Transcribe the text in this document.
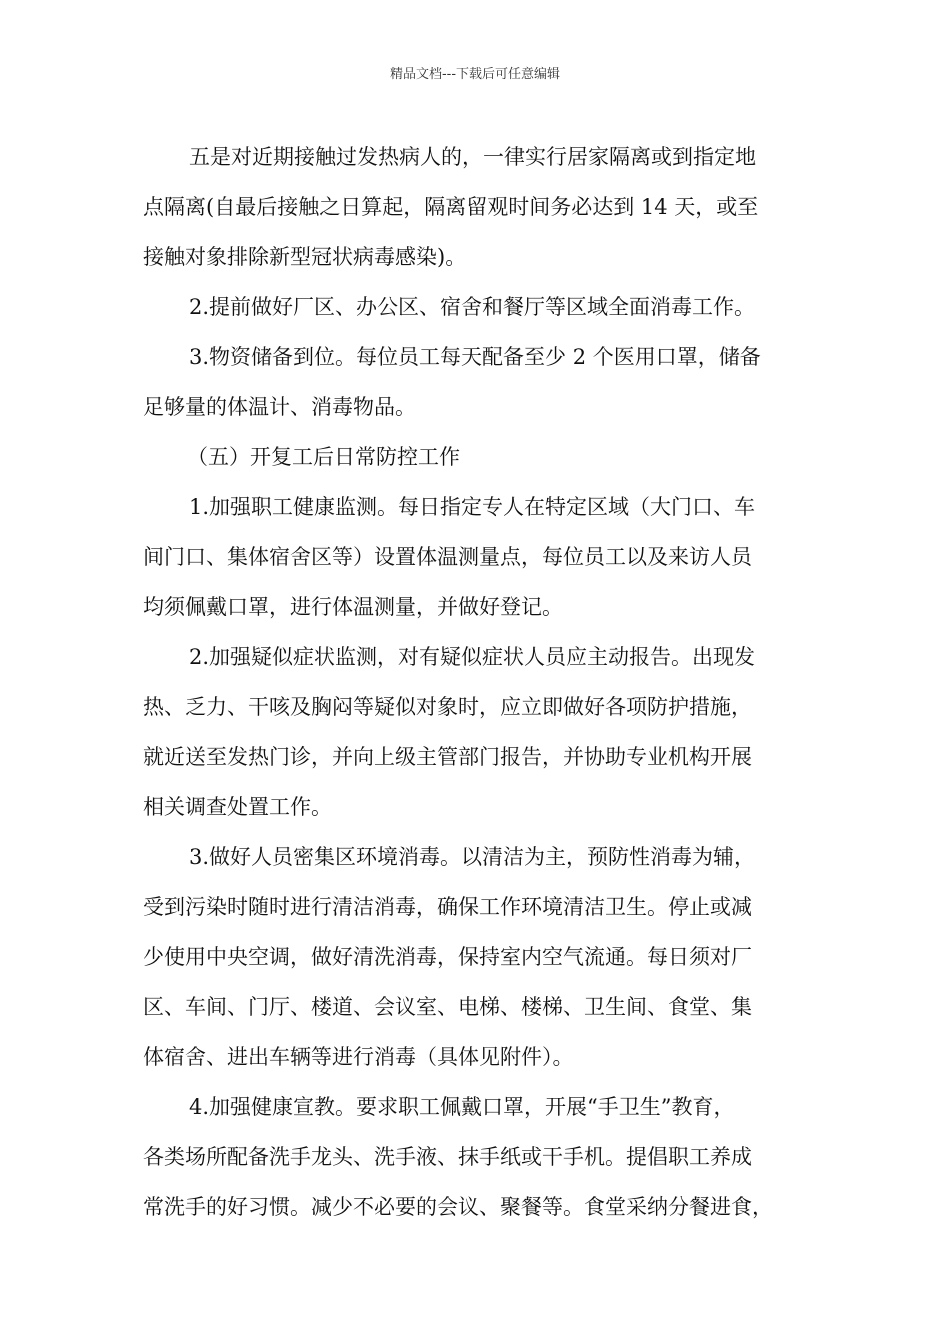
精品文档---下载后可任意编辑
五是对近期接触过发热病人的，一律实行居家隔离或到指定地
点隔离(自最后接触之日算起，隔离留观时间务必达到 14 天，或至
接触对象排除新型冠状病毒感染)。
2.提前做好厂区、办公区、宿舍和餐厅等区域全面消毒工作。
3.物资储备到位。每位员工每天配备至少 2 个医用口罩，储备
足够量的体温计、消毒物品。
（五）开复工后日常防控工作
1.加强职工健康监测。每日指定专人在特定区域（大门口、车
间门口、集体宿舍区等）设置体温测量点，每位员工以及来访人员
均须佩戴口罩，进行体温测量，并做好登记。
2.加强疑似症状监测，对有疑似症状人员应主动报告。出现发
热、乏力、干咳及胸闷等疑似对象时，应立即做好各项防护措施，
就近送至发热门诊，并向上级主管部门报告，并协助专业机构开展
相关调查处置工作。
3.做好人员密集区环境消毒。以清洁为主，预防性消毒为辅，
受到污染时随时进行清洁消毒，确保工作环境清洁卫生。停止或减
少使用中央空调，做好清洗消毒，保持室内空气流通。每日须对厂
区、车间、门厅、楼道、会议室、电梯、楼梯、卫生间、食堂、集
体宿舍、进出车辆等进行消毒（具体见附件）。
4.加强健康宣教。要求职工佩戴口罩，开展“手卫生”教育，
各类场所配备洗手龙头、洗手液、抹手纸或干手机。提倡职工养成
常洗手的好习惯。减少不必要的会议、聚餐等。食堂采纳分餐进食，
